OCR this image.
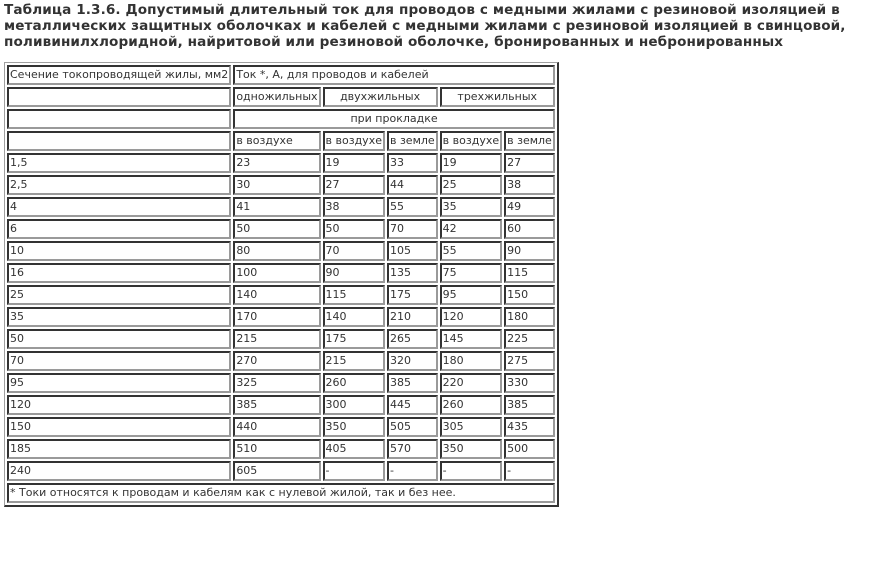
Таблица 1.3.6. Допустимый длительный ток для проводов с медными жилами с резиновой изоляцией в
металлических защитных оболочках и кабелей с медными жилами с резиновой изоляцией в свинцовой,
поливинилхлоридной, найритовой или резиновой оболочке, бронированных и небронированных
Сечение токопроводящей жилы, мм2	Ток *, А, для проводов и кабелей				
	одножильных	двухжильных		трехжильных	
	при прокладке				
	в воздухе	в воздухе	в земле	в воздухе	в земле
1,5	23	19	33	19	27
2,5	30	27	44	25	38
4	41	38	55	35	49
6	50	50	70	42	60
10	80	70	105	55	90
16	100	90	135	75	115
25	140	115	175	95	150
35	170	140	210	120	180
50	215	175	265	145	225
70	270	215	320	180	275
95	325	260	385	220	330
120	385	300	445	260	385
150	440	350	505	305	435
185	510	405	570	350	500
240	605	-	-	-	-
* Токи относятся к проводам и кабелям как с нулевой жилой, так и без нее.					
